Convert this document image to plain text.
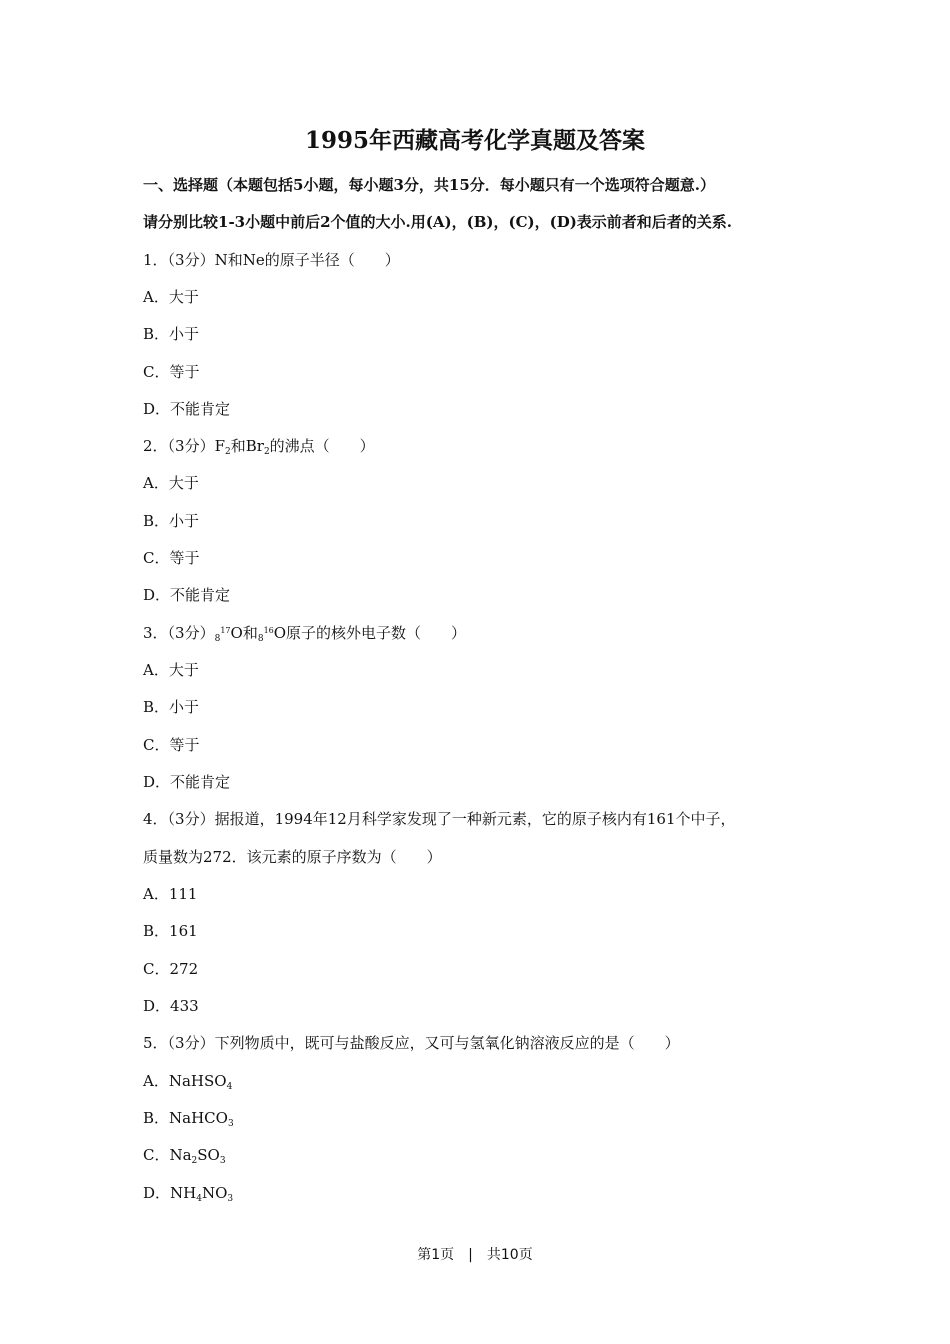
1995年西藏高考化学真题及答案
一、选择题（本题包括5小题，每小题3分，共15分．每小题只有一个选项符合题意.）
请分别比较1-3小题中前后2个值的大小.用(A)，(B)，(C)，(D)表示前者和后者的关系.
1．（3分）N和Ne的原子半径（　　）
A．大于
B．小于
C．等于
D．不能肯定
2．（3分）$F_2$和$Br_2$的沸点（　　）
A．大于
B．小于
C．等于
D．不能肯定
3．（3分）$_8^{17}O$和$_8^{16}$O原子的核外电子数（　　）
A．大于
B．小于
C．等于
D．不能肯定
4．（3分）据报道，1994年12月科学家发现了一种新元素，它的原子核内有161个中子，
质量数为272．该元素的原子序数为（　　）
A．111
B．161
C．272
D．433
5．（3分）下列物质中，既可与盐酸反应，又可与氢氧化钠溶液反应的是（　　）
A．NaHSO$_4$
B．NaHCO$_3$
C．$Na_2SO_3$
D．$NH_4NO_3$
第1页　|　共10页
